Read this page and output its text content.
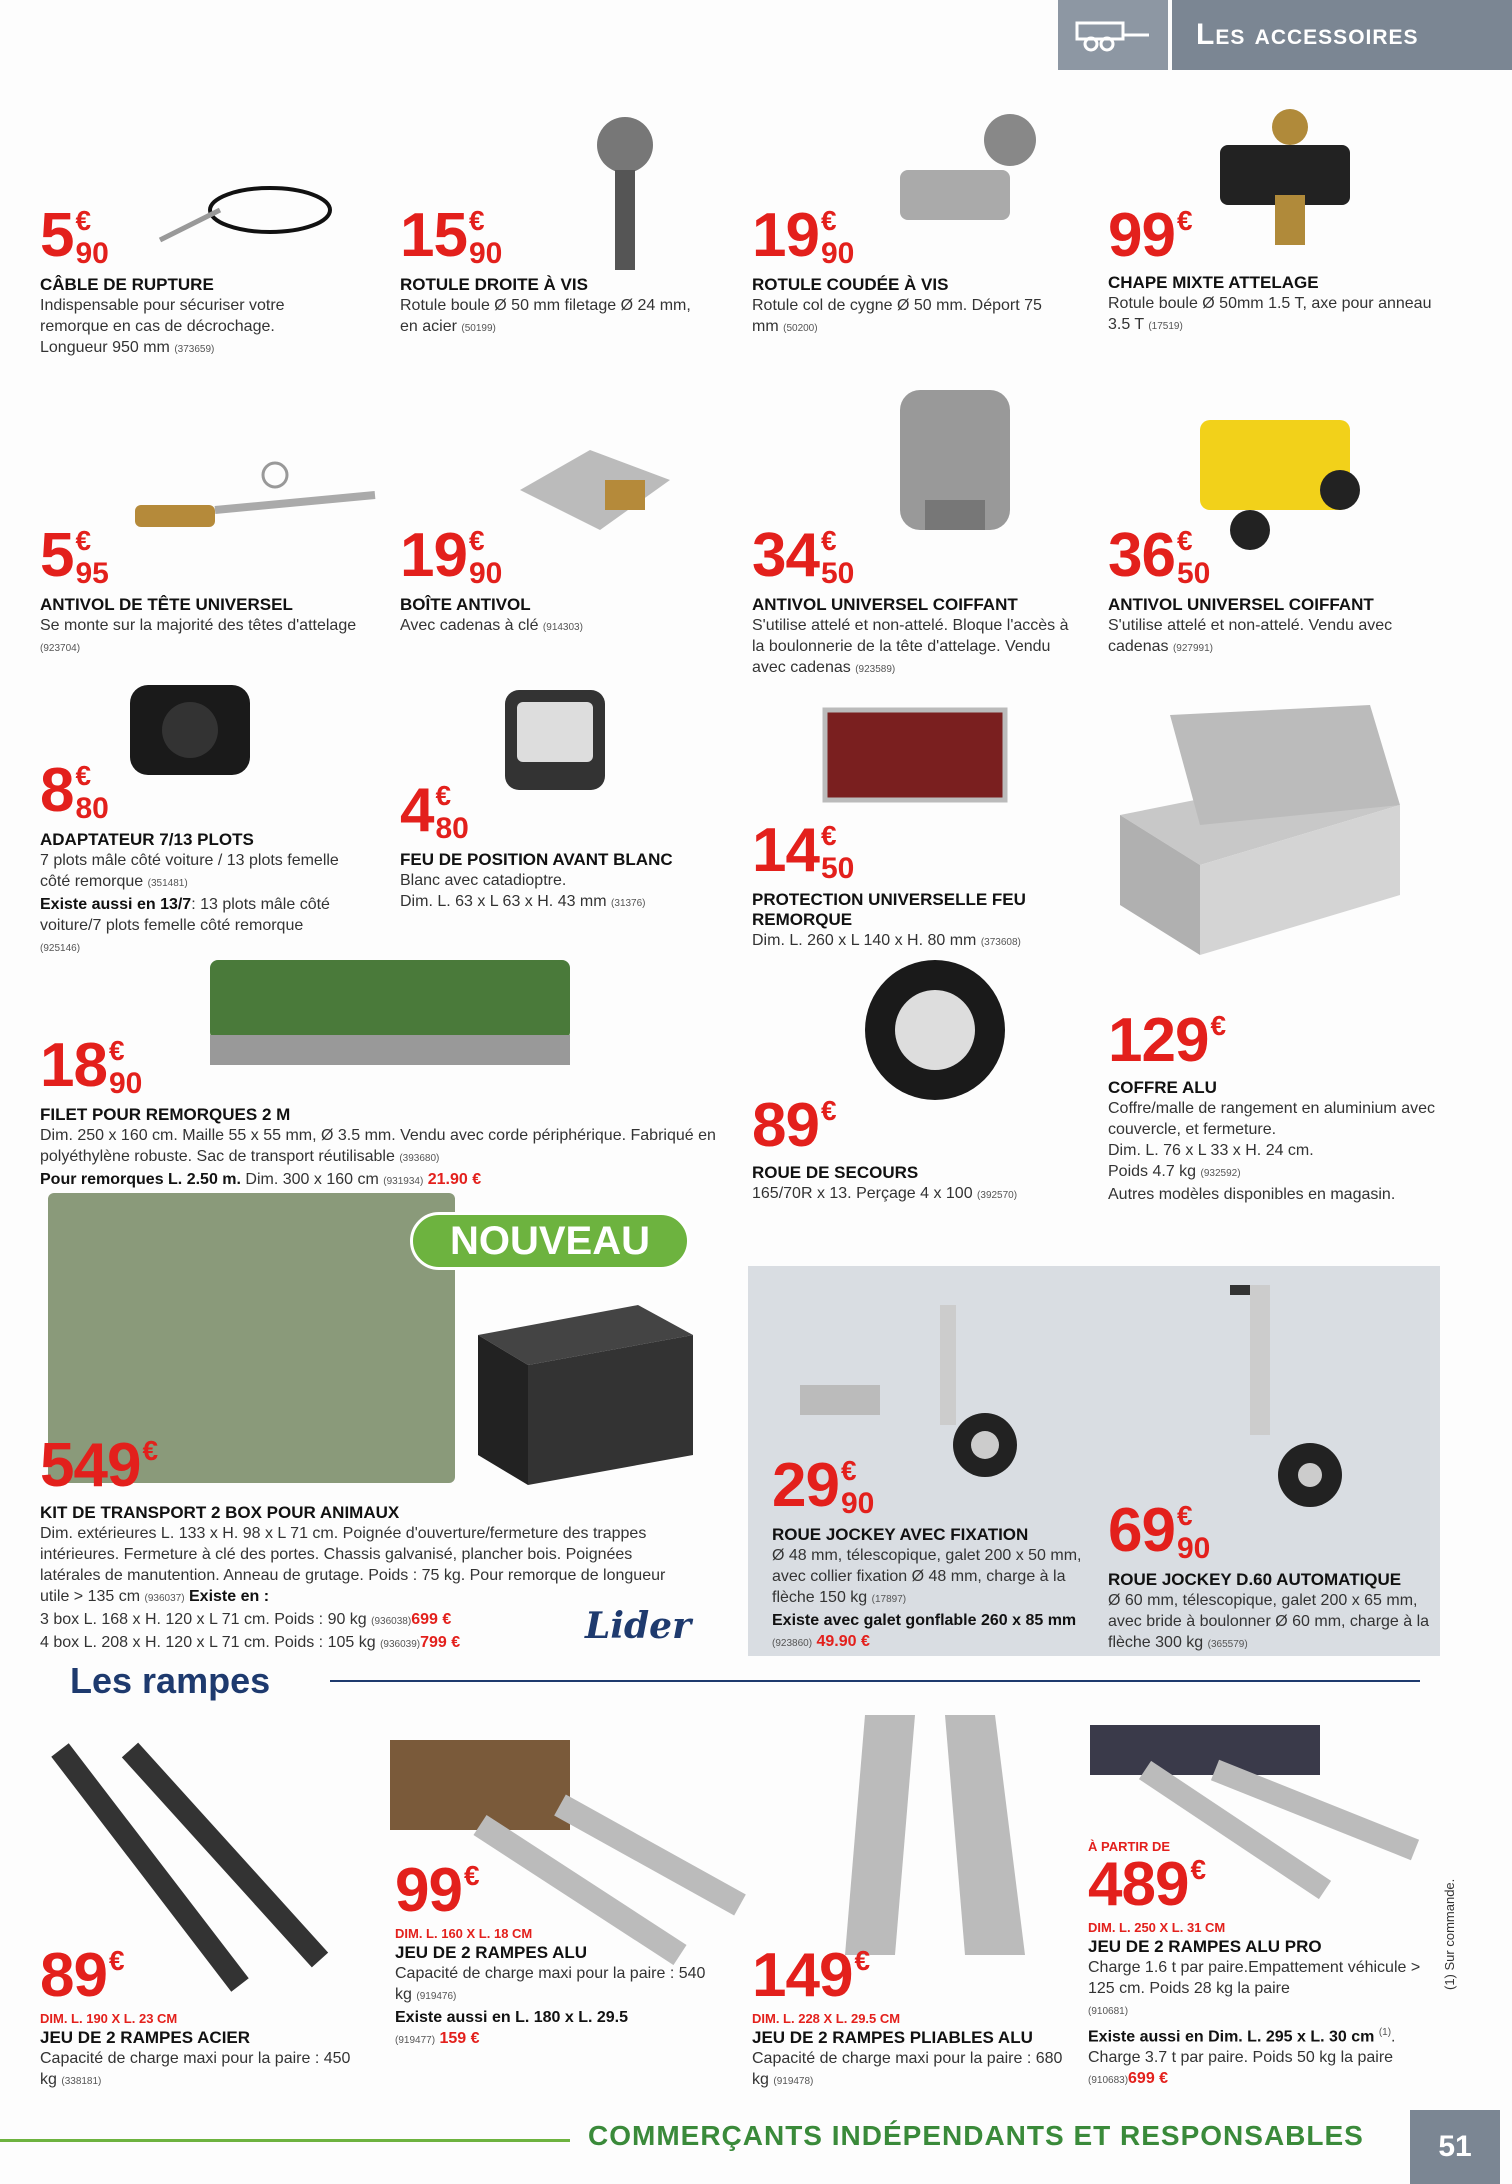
Les accessoires
5 €
90
CÂBLE DE RUPTURE
Indispensable pour sécuriser votre remorque en cas de décrochage.
Longueur 950 mm (373659)
15 €
90
ROTULE DROITE À VIS
Rotule boule Ø 50 mm filetage Ø 24 mm, en acier (50199)
19 €
90
ROTULE COUDÉE À VIS
Rotule col de cygne Ø 50 mm. Déport 75 mm (50200)
99 €
CHAPE MIXTE ATTELAGE
Rotule boule Ø 50mm 1.5 T, axe pour anneau 3.5 T (17519)
5 €
95
ANTIVOL DE TÊTE UNIVERSEL
Se monte sur la majorité des têtes d'attelage (923704)
19 €
90
BOÎTE ANTIVOL
Avec cadenas à clé (914303)
34 €
50
ANTIVOL UNIVERSEL COIFFANT
S'utilise attelé et non-attelé. Bloque l'accès à la boulonnerie de la tête d'attelage. Vendu avec cadenas (923589)
36 €
50
ANTIVOL UNIVERSEL COIFFANT
S'utilise attelé et non-attelé. Vendu avec cadenas (927991)
8 €
80
ADAPTATEUR 7/13 PLOTS
7 plots mâle côté voiture / 13 plots femelle côté remorque (351481)
Existe aussi en 13/7: 13 plots mâle côté voiture/7 plots femelle côté remorque
(925146)
4 €
80
FEU DE POSITION AVANT BLANC
Blanc avec catadioptre.
Dim. L. 63 x L 63 x H. 43 mm (31376)
14 €
50
PROTECTION UNIVERSELLE FEU REMORQUE
Dim. L. 260 x L 140 x H. 80 mm (373608)
18 €
90
FILET POUR REMORQUES 2 M
Dim. 250 x 160 cm. Maille 55 x 55 mm, Ø 3.5 mm. Vendu avec corde périphérique. Fabriqué en polyéthylène robuste. Sac de transport réutilisable (393680)
Pour remorques L. 2.50 m. Dim. 300 x 160 cm (931934) 21.90 €
89 €
ROUE DE SECOURS
165/70R x 13. Perçage 4 x 100 (392570)
129 €
COFFRE ALU
Coffre/malle de rangement en aluminium avec couvercle, et fermeture.
Dim. L. 76 x L 33 x H. 24 cm.
Poids 4.7 kg (932592)
Autres modèles disponibles en magasin.
NOUVEAU
549 €
KIT DE TRANSPORT 2 BOX POUR ANIMAUX
Dim. extérieures L. 133 x H. 98 x L 71 cm. Poignée d'ouverture/fermeture des trappes intérieures. Fermeture à clé des portes. Chassis galvanisé, plancher bois. Poignées latérales de manutention. Anneau de grutage. Poids : 75 kg. Pour remorque de longueur utile > 135 cm (936037) Existe en :
3 box L. 168 x H. 120 x L 71 cm. Poids : 90 kg (936038)699 €
4 box L. 208 x H. 120 x L 71 cm. Poids : 105 kg (936039)799 €	Lider
29 €
90
ROUE JOCKEY AVEC FIXATION
Ø 48 mm, télescopique, galet 200 x 50 mm, avec collier fixation Ø 48 mm, charge à la flèche 150 kg (17897)
Existe avec galet gonflable 260 x 85 mm (923860) 49.90 €
69 €
90
ROUE JOCKEY D.60 AUTOMATIQUE
Ø 60 mm, télescopique, galet 200 x 65 mm, avec bride à boulonner Ø 60 mm, charge à la flèche 300 kg (365579)
Les rampes
89 €
DIM. L. 190 X L. 23 CM
JEU DE 2 RAMPES ACIER
Capacité de charge maxi pour la paire : 450 kg (338181)
99 €
DIM. L. 160 X L. 18 CM
JEU DE 2 RAMPES ALU
Capacité de charge maxi pour la paire : 540 kg (919476)
Existe aussi en L. 180 x L. 29.5
(919477) 159 €
149 €
DIM. L. 228 X L. 29.5 CM
JEU DE 2 RAMPES PLIABLES ALU
Capacité de charge maxi pour la paire : 680 kg (919478)
À PARTIR DE
489 €
DIM. L. 250 X L. 31 CM
JEU DE 2 RAMPES ALU PRO
Charge 1.6 t par paire.Empattement véhicule > 125 cm. Poids 28 kg la paire
(910681)
Existe aussi en Dim. L. 295 x L. 30 cm $^{(1)}$.
Charge 3.7 t par paire. Poids 50 kg la paire
(910683)699 €
(1) Sur commande.
COMMERÇANTS INDÉPENDANTS ET RESPONSABLES	51
